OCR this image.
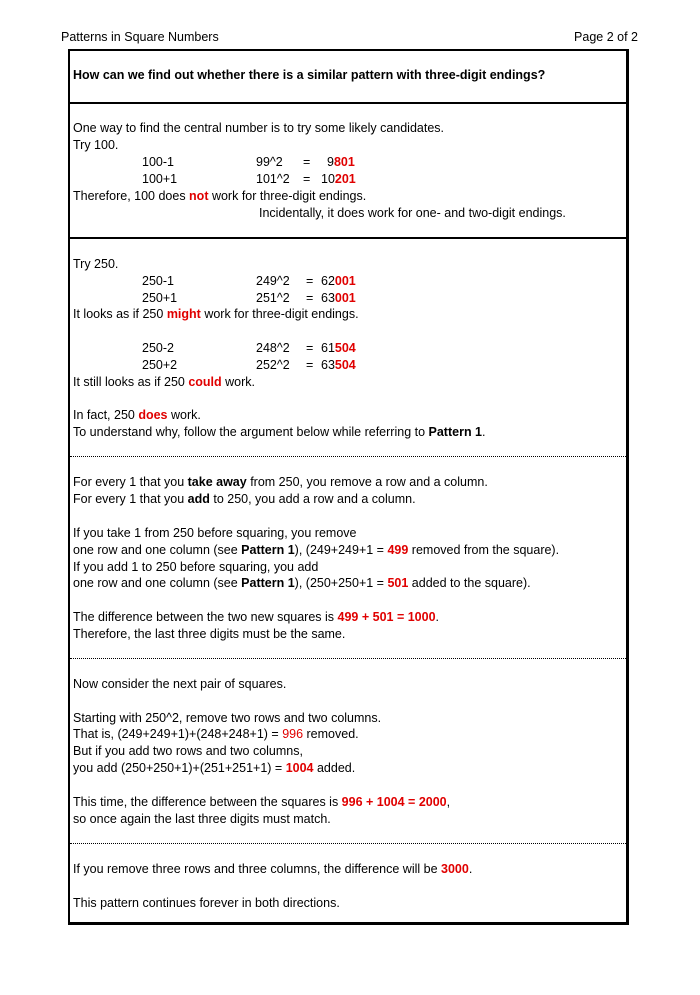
Patterns in Square Numbers	Page 2 of 2
How can we find out whether there is a similar pattern with three-digit endings?
One way to find the central number is to try some likely candidates.
Try 100.
100-1	99^2 = 9801
100+1	101^2 = 10201
Therefore, 100 does not work for three-digit endings.
Incidentally, it does work for one- and two-digit endings.
Try 250.
250-1	249^2 = 62001
250+1	251^2 = 63001
It looks as if 250 might work for three-digit endings.
250-2	248^2 = 61504
250+2	252^2 = 63504
It still looks as if 250 could work.
In fact, 250 does work.
To understand why, follow the argument below while referring to Pattern 1.
For every 1 that you take away from 250, you remove a row and a column.
For every 1 that you add to 250, you add a row and a column.
If you take 1 from 250 before squaring, you remove
one row and one column (see Pattern 1), (249+249+1 = 499 removed from the square).
If you add 1 to 250 before squaring, you add
one row and one column (see Pattern 1), (250+250+1 = 501 added to the square).
The difference between the two new squares is 499 + 501 = 1000.
Therefore, the last three digits must be the same.
Now consider the next pair of squares.
Starting with 250^2, remove two rows and two columns.
That is, (249+249+1)+(248+248+1) = 996 removed.
But if you add two rows and two columns,
you add (250+250+1)+(251+251+1) = 1004 added.
This time, the difference between the squares is 996 + 1004 = 2000,
so once again the last three digits must match.
If you remove three rows and three columns, the difference will be 3000.
This pattern continues forever in both directions.
